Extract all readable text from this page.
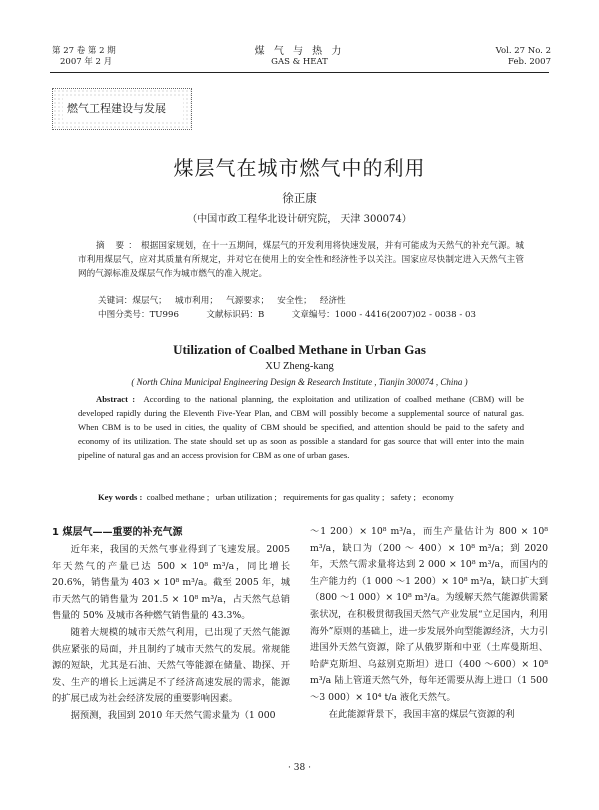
第 27 卷 第 2 期
2007 年 2 月
煤 气 与 热 力
GAS & HEAT
Vol. 27 No. 2
Feb. 2007
燃气工程建设与发展
煤层气在城市燃气中的利用
徐正康
（中国市政工程华北设计研究院， 天津 300074）
摘 要：根据国家规划，在十一五期间，煤层气的开发利用将快速发展，并有可能成为天然气的补充气源。城市利用煤层气，应对其质量有所规定，并对它在使用上的安全性和经济性予以关注。国家应尽快制定进入天然气主管网的气源标准及煤层气作为城市燃气的准入规定。
关键词：煤层气；   城市利用；   气源要求；   安全性；   经济性
中图分类号：TU996	文献标识码：B	文章编号：1000 - 4416(2007)02 - 0038 - 03
Utilization of Coalbed Methane in Urban Gas
XU Zheng-kang
( North China Municipal Engineering Design & Research Institute , Tianjin 300074 , China )
Abstract : According to the national planning, the exploitation and utilization of coalbed methane (CBM) will be developed rapidly during the Eleventh Five-Year Plan, and CBM will possibly become a supplemental source of natural gas. When CBM is to be used in cities, the quality of CBM should be specified, and attention should be paid to the safety and economy of its utilization. The state should set up as soon as possible a standard for gas source that will enter into the main pipeline of natural gas and an access provision for CBM as one of urban gases.
Key words : coalbed methane ;   urban utilization ;   requirements for gas quality ;   safety ;   economy
1 煤层气——重要的补充气源

近年来，我国的天然气事业得到了飞速发展。2005 年天然气的产量已达 500 × 10⁸ m³/a，同比增长 20.6%，销售量为 403 × 10⁸ m³/a。截至 2005 年，城市天然气的销售量为 201.5 × 10⁸ m³/a，占天然气总销售量的 50% 及城市各种燃气销售量的 43.3%。

随着大规模的城市天然气利用，已出现了天然气能源供应紧张的局面，并且制约了城市天然气的发展。常规能源的短缺，尤其是石油、天然气等能源在储量、勘探、开发、生产的增长上远满足不了经济高速发展的需求，能源的扩展已成为社会经济发展的重要影响因素。

据预测，我国到 2010 年天然气需求量为（1 000

～1 200）× 10⁸ m³/a，而生产量估计为 800 × 10⁸ m³/a，缺口为（200 ～ 400）× 10⁸ m³/a；到 2020 年，天然气需求量将达到 2 000 × 10⁸ m³/a，而国内的生产能力约（1 000 ～1 200）× 10⁸ m³/a，缺口扩大到（800 ～1 000）× 10⁸ m³/a。为缓解天然气能源供需紧张状况，在积极贯彻我国天然气产业发展“立足国内，利用海外”原则的基础上，进一步发展外向型能源经济，大力引进国外天然气资源，除了从俄罗斯和中亚（土库曼斯坦、哈萨克斯坦、乌兹别克斯坦）进口（400 ～600）× 10⁸ m³/a 陆上管道天然气外，每年还需要从海上进口（1 500 ～3 000）× 10⁴ t/a 液化天然气。

在此能源背景下，我国丰富的煤层气资源的利

· 38 ·
